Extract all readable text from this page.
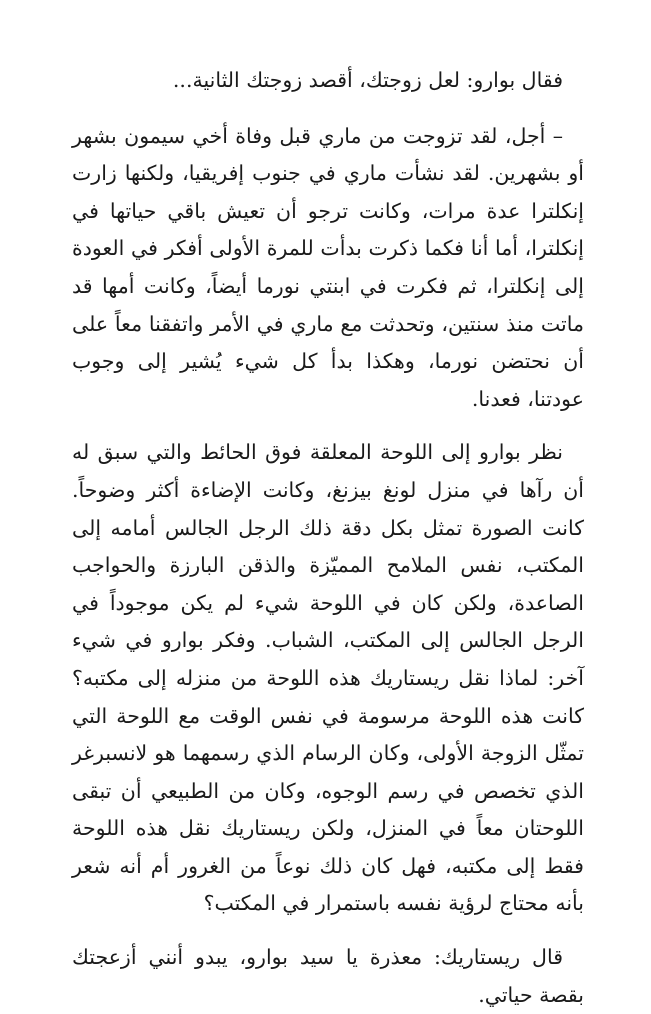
فقال بوارو: لعل زوجتك، أقصد زوجتك الثانية...

– أجل، لقد تزوجت من ماري قبل وفاة أخي سيمون بشهر أو بشهرين. لقد نشأت ماري في جنوب إفريقيا، ولكنها زارت إنكلترا عدة مرات، وكانت ترجو أن تعيش باقي حياتها في إنكلترا، أما أنا فكما ذكرت بدأت للمرة الأولى أفكر في العودة إلى إنكلترا، ثم فكرت في ابنتي نورما أيضاً، وكانت أمها قد ماتت منذ سنتين، وتحدثت مع ماري في الأمر واتفقنا معاً على أن نحتضن نورما، وهكذا بدأ كل شيء يُشير إلى وجوب عودتنا، فعدنا.

نظر بوارو إلى اللوحة المعلقة فوق الحائط والتي سبق له أن رآها في منزل لونغ بيزنغ، وكانت الإضاءة أكثر وضوحاً. كانت الصورة تمثل بكل دقة ذلك الرجل الجالس أمامه إلى المكتب، نفس الملامح المميّزة والذقن البارزة والحواجب الصاعدة، ولكن كان في اللوحة شيء لم يكن موجوداً في الرجل الجالس إلى المكتب، الشباب. وفكر بوارو في شيء آخر: لماذا نقل ريستاريك هذه اللوحة من منزله إلى مكتبه؟ كانت هذه اللوحة مرسومة في نفس الوقت مع اللوحة التي تمثّل الزوجة الأولى، وكان الرسام الذي رسمهما هو لانسبرغر الذي تخصص في رسم الوجوه، وكان من الطبيعي أن تبقى اللوحتان معاً في المنزل، ولكن ريستاريك نقل هذه اللوحة فقط إلى مكتبه، فهل كان ذلك نوعاً من الغرور أم أنه شعر بأنه محتاج لرؤية نفسه باستمرار في المكتب؟

قال ريستاريك: معذرة يا سيد بوارو، يبدو أنني أزعجتك بقصة حياتي.
